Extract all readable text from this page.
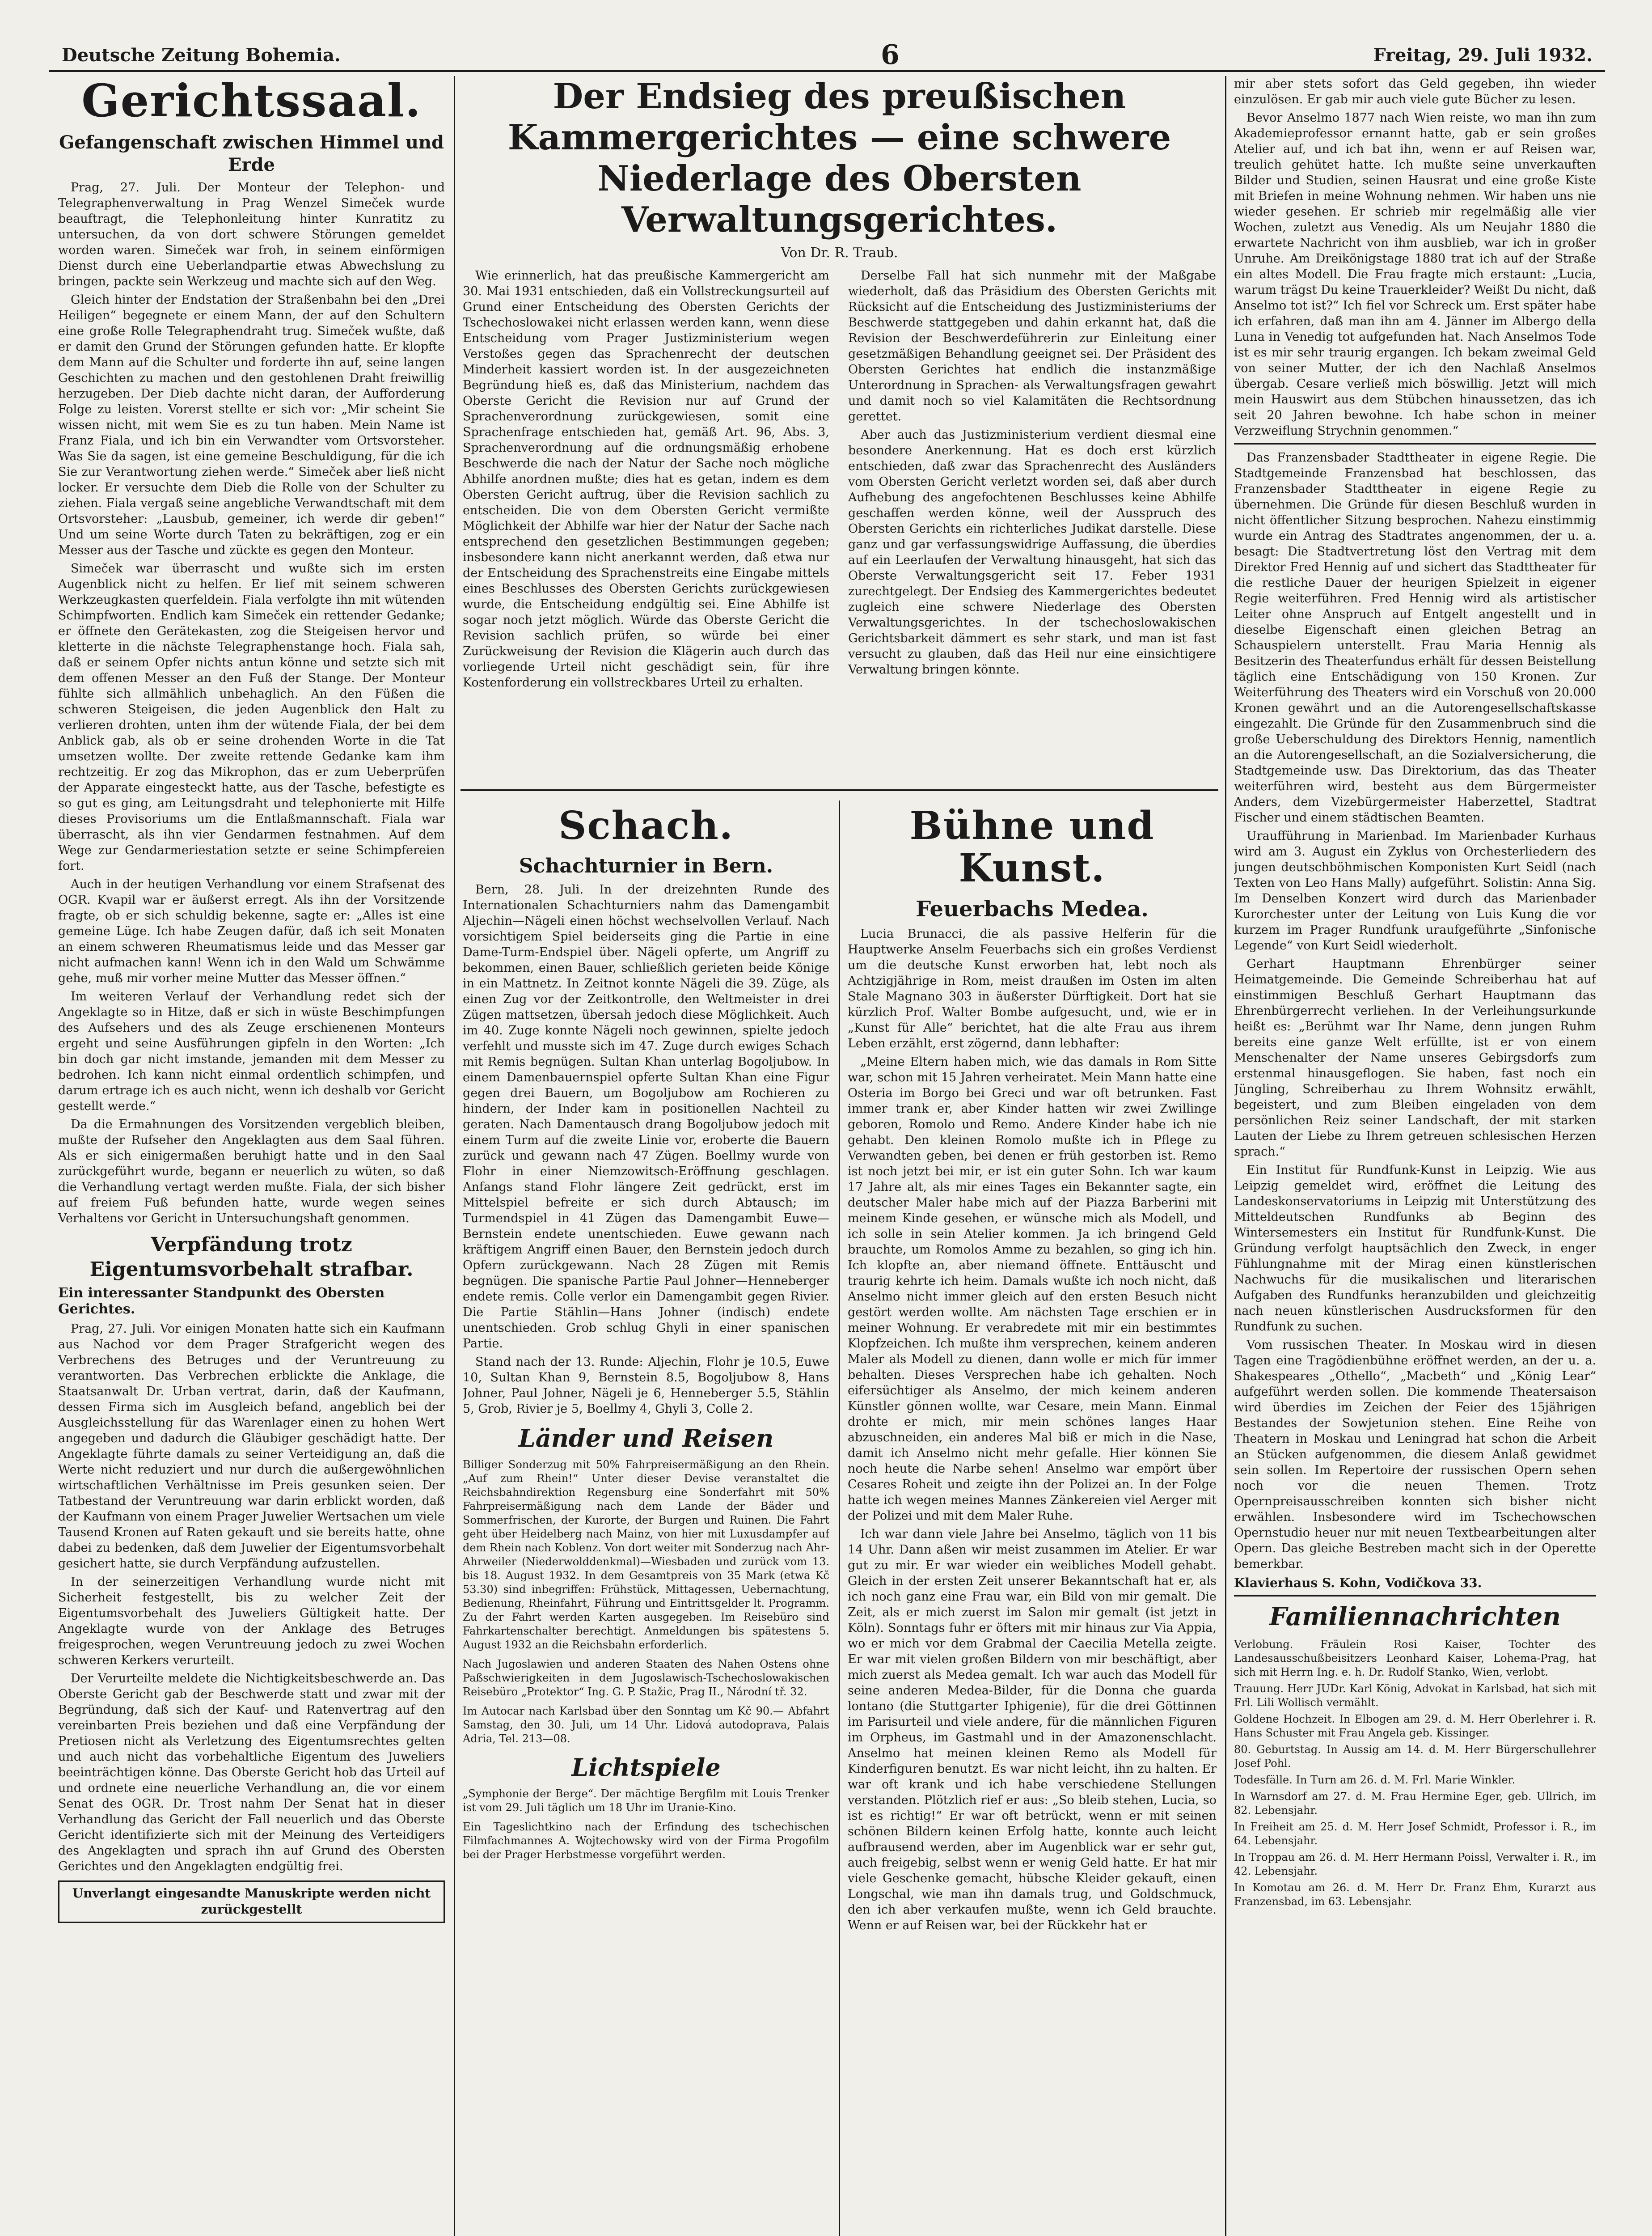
Deutsche Zeitung Bohemia.	6	Freitag, 29. Juli 1932.
Gerichtssaal.
Gefangenschaft zwischen Himmel und Erde

Prag, 27. Juli. Der Monteur der Telephon- und Telegraphenverwaltung in Prag Wenzel Simeček wurde beauftragt, die Telephonleitung hinter Kunratitz zu untersuchen, da von dort schwere Störungen gemeldet worden waren. Simeček war froh, in seinem einförmigen Dienst durch eine Ueberlandpartie etwas Abwechslung zu bringen, packte sein Werkzeug und machte sich auf den Weg.

Gleich hinter der Endstation der Straßenbahn bei den „Drei Heiligen“ begegnete er einem Mann, der auf den Schultern eine große Rolle Telegraphendraht trug. Simeček wußte, daß er damit den Grund der Störungen gefunden hatte. Er klopfte dem Mann auf die Schulter und forderte ihn auf, seine langen Geschichten zu machen und den gestohlenen Draht freiwillig herzugeben. Der Dieb dachte nicht daran, der Aufforderung Folge zu leisten. Vorerst stellte er sich vor: „Mir scheint Sie wissen nicht, mit wem Sie es zu tun haben. Mein Name ist Franz Fiala, und ich bin ein Verwandter vom Ortsvorsteher. Was Sie da sagen, ist eine gemeine Beschuldigung, für die ich Sie zur Verantwortung ziehen werde.“ Simeček aber ließ nicht locker. Er versuchte dem Dieb die Rolle von der Schulter zu ziehen. Fiala vergaß seine angebliche Verwandtschaft mit dem Ortsvorsteher: „Lausbub, gemeiner, ich werde dir geben!“ Und um seine Worte durch Taten zu bekräftigen, zog er ein Messer aus der Tasche und zückte es gegen den Monteur.

Simeček war überrascht und wußte sich im ersten Augenblick nicht zu helfen. Er lief mit seinem schweren Werkzeugkasten querfeldein. Fiala verfolgte ihn mit wütenden Schimpfworten. Endlich kam Simeček ein rettender Gedanke; er öffnete den Gerätekasten, zog die Steigeisen hervor und kletterte in die nächste Telegraphenstange hoch. Fiala sah, daß er seinem Opfer nichts antun könne und setzte sich mit dem offenen Messer an den Fuß der Stange. Der Monteur fühlte sich allmählich unbehaglich. An den Füßen die schweren Steigeisen, die jeden Augenblick den Halt zu verlieren drohten, unten ihm der wütende Fiala, der bei dem Anblick gab, als ob er seine drohenden Worte in die Tat umsetzen wollte. Der zweite rettende Gedanke kam ihm rechtzeitig. Er zog das Mikrophon, das er zum Ueberprüfen der Apparate eingesteckt hatte, aus der Tasche, befestigte es so gut es ging, am Leitungsdraht und telephonierte mit Hilfe dieses Provisoriums um die Entlaßmannschaft. Fiala war überrascht, als ihn vier Gendarmen festnahmen. Auf dem Wege zur Gendarmeriestation setzte er seine Schimpfereien fort.

Auch in der heutigen Verhandlung vor einem Strafsenat des OGR. Kvapil war er äußerst erregt. Als ihn der Vorsitzende fragte, ob er sich schuldig bekenne, sagte er: „Alles ist eine gemeine Lüge. Ich habe Zeugen dafür, daß ich seit Monaten an einem schweren Rheumatismus leide und das Messer gar nicht aufmachen kann! Wenn ich in den Wald um Schwämme gehe, muß mir vorher meine Mutter das Messer öffnen.“

Im weiteren Verlauf der Verhandlung redet sich der Angeklagte so in Hitze, daß er sich in wüste Beschimpfungen des Aufsehers und des als Zeuge erschienenen Monteurs ergeht und seine Ausführungen gipfeln in den Worten: „Ich bin doch gar nicht imstande, jemanden mit dem Messer zu bedrohen. Ich kann nicht einmal ordentlich schimpfen, und darum ertrage ich es auch nicht, wenn ich deshalb vor Gericht gestellt werde.“

Da die Ermahnungen des Vorsitzenden vergeblich bleiben, mußte der Rufseher den Angeklagten aus dem Saal führen. Als er sich einigermaßen beruhigt hatte und in den Saal zurückgeführt wurde, begann er neuerlich zu wüten, so daß die Verhandlung vertagt werden mußte. Fiala, der sich bisher auf freiem Fuß befunden hatte, wurde wegen seines Verhaltens vor Gericht in Untersuchungshaft genommen.

Verpfändung trotz Eigentumsvorbehalt strafbar.
Ein interessanter Standpunkt des Obersten Gerichtes.

Prag, 27. Juli. Vor einigen Monaten hatte sich ein Kaufmann aus Nachod vor dem Prager Strafgericht wegen des Verbrechens des Betruges und der Veruntreuung zu verantworten. Das Verbrechen erblickte die Anklage, die Staatsanwalt Dr. Urban vertrat, darin, daß der Kaufmann, dessen Firma sich im Ausgleich befand, angeblich bei der Ausgleichsstellung für das Warenlager einen zu hohen Wert angegeben und dadurch die Gläubiger geschädigt hatte. Der Angeklagte führte damals zu seiner Verteidigung an, daß die Werte nicht reduziert und nur durch die außergewöhnlichen wirtschaftlichen Verhältnisse im Preis gesunken seien. Der Tatbestand der Veruntreuung war darin erblickt worden, daß der Kaufmann von einem Prager Juwelier Wertsachen um viele Tausend Kronen auf Raten gekauft und sie bereits hatte, ohne dabei zu bedenken, daß dem Juwelier der Eigentumsvorbehalt gesichert hatte, sie durch Verpfändung aufzustellen.

In der seinerzeitigen Verhandlung wurde nicht mit Sicherheit festgestellt, bis zu welcher Zeit der Eigentumsvorbehalt des Juweliers Gültigkeit hatte. Der Angeklagte wurde von der Anklage des Betruges freigesprochen, wegen Veruntreuung jedoch zu zwei Wochen schweren Kerkers verurteilt.

Der Verurteilte meldete die Nichtigkeitsbeschwerde an. Das Oberste Gericht gab der Beschwerde statt und zwar mit der Begründung, daß sich der Kauf- und Ratenvertrag auf den vereinbarten Preis beziehen und daß eine Verpfändung der Pretiosen nicht als Verletzung des Eigentumsrechtes gelten und auch nicht das vorbehaltliche Eigentum des Juweliers beeinträchtigen könne. Das Oberste Gericht hob das Urteil auf und ordnete eine neuerliche Verhandlung an, die vor einem Senat des OGR. Dr. Trost nahm Der Senat hat in dieser Verhandlung das Gericht der Fall neuerlich und das Oberste Gericht identifizierte sich mit der Meinung des Verteidigers des Angeklagten und sprach ihn auf Grund des Obersten Gerichtes und den Angeklagten endgültig frei.

Unverlangt eingesandte Manuskripte werden nicht zurückgestellt
Der Endsieg des preußischen Kammergerichtes — eine schwere Niederlage des Obersten Verwaltungsgerichtes.
Von Dr. R. Traub.

Wie erinnerlich, hat das preußische Kammergericht am 30. Mai 1931 entschieden, daß ein Vollstreckungsurteil auf Grund einer Entscheidung des Obersten Gerichts der Tschechoslowakei nicht erlassen werden kann, wenn diese Entscheidung vom Prager Justizministerium wegen Verstoßes gegen das Sprachenrecht der deutschen Minderheit kassiert worden ist. In der ausgezeichneten Begründung hieß es, daß das Ministerium, nachdem das Oberste Gericht die Revision nur auf Grund der Sprachenverordnung zurückgewiesen, somit eine Sprachenfrage entschieden hat, gemäß Art. 96, Abs. 3, Sprachenverordnung auf die ordnungsmäßig erhobene Beschwerde die nach der Natur der Sache noch mögliche Abhilfe anordnen mußte; dies hat es getan, indem es dem Obersten Gericht auftrug, über die Revision sachlich zu entscheiden. Die von dem Obersten Gericht vermißte Möglichkeit der Abhilfe war hier der Natur der Sache nach entsprechend den gesetzlichen Bestimmungen gegeben; insbesondere kann nicht anerkannt werden, daß etwa nur der Entscheidung des Sprachenstreits eine Eingabe mittels eines Beschlusses des Obersten Gerichts zurückgewiesen wurde, die Entscheidung endgültig sei. Eine Abhilfe ist sogar noch jetzt möglich. Würde das Oberste Gericht die Revision sachlich prüfen, so würde bei einer Zurückweisung der Revision die Klägerin auch durch das vorliegende Urteil nicht geschädigt sein, für ihre Kostenforderung ein vollstreckbares Urteil zu erhalten.

Derselbe Fall hat sich nunmehr mit der Maßgabe wiederholt, daß das Präsidium des Obersten Gerichts mit Rücksicht auf die Entscheidung des Justizministeriums der Beschwerde stattgegeben und dahin erkannt hat, daß die Revision der Beschwerdeführerin zur Einleitung einer gesetzmäßigen Behandlung geeignet sei. Der Präsident des Obersten Gerichtes hat endlich die instanzmäßige Unterordnung in Sprachen- als Verwaltungsfragen gewahrt und damit noch so viel Kalamitäten die Rechtsordnung gerettet.

Aber auch das Justizministerium verdient diesmal eine besondere Anerkennung. Hat es doch erst kürzlich entschieden, daß zwar das Sprachenrecht des Ausländers vom Obersten Gericht verletzt worden sei, daß aber durch Aufhebung des angefochtenen Beschlusses keine Abhilfe geschaffen werden könne, weil der Ausspruch des Obersten Gerichts ein richterliches Judikat darstelle. Diese ganz und gar verfassungswidrige Auffassung, die überdies auf ein Leerlaufen der Verwaltung hinausgeht, hat sich das Oberste Verwaltungsgericht seit 17. Feber 1931 zurechtgelegt. Der Endsieg des Kammergerichtes bedeutet zugleich eine schwere Niederlage des Obersten Verwaltungsgerichtes. In der tschechoslowakischen Gerichtsbarkeit dämmert es sehr stark, und man ist fast versucht zu glauben, daß das Heil nur eine einsichtigere Verwaltung bringen könnte.

Schach.
Schachturnier in Bern.

Bern, 28. Juli. In der dreizehnten Runde des Internationalen Schachturniers nahm das Damengambit Aljechin—Nägeli einen höchst wechselvollen Verlauf. Nach vorsichtigem Spiel beiderseits ging die Partie in eine Dame-Turm-Endspiel über. Nägeli opferte, um Angriff zu bekommen, einen Bauer, schließlich gerieten beide Könige in ein Mattnetz. In Zeitnot konnte Nägeli die 39. Züge, als einen Zug vor der Zeitkontrolle, den Weltmeister in drei Zügen mattsetzen, übersah jedoch diese Möglichkeit. Auch im 40. Zuge konnte Nägeli noch gewinnen, spielte jedoch verfehlt und musste sich im 47. Zuge durch ewiges Schach mit Remis begnügen. Sultan Khan unterlag Bogoljubow. In einem Damenbauernspiel opferte Sultan Khan eine Figur gegen drei Bauern, um Bogoljubow am Rochieren zu hindern, der Inder kam in positionellen Nachteil zu geraten. Nach Damentausch drang Bogoljubow jedoch mit einem Turm auf die zweite Linie vor, eroberte die Bauern zurück und gewann nach 47 Zügen. Boellmy wurde von Flohr in einer Niemzowitsch-Eröffnung geschlagen. Anfangs stand Flohr längere Zeit gedrückt, erst im Mittelspiel befreite er sich durch Abtausch; im Turmendspiel in 41 Zügen das Damengambit Euwe—Bernstein endete unentschieden. Euwe gewann nach kräftigem Angriff einen Bauer, den Bernstein jedoch durch Opfern zurückgewann. Nach 28 Zügen mit Remis begnügen. Die spanische Partie Paul Johner—Henneberger endete remis. Colle verlor ein Damengambit gegen Rivier. Die Partie Stählin—Hans Johner (indisch) endete unentschieden. Grob schlug Ghyli in einer spanischen Partie.

Stand nach der 13. Runde: Aljechin, Flohr je 10.5, Euwe 10, Sultan Khan 9, Bernstein 8.5, Bogoljubow 8, Hans Johner, Paul Johner, Nägeli je 6, Henneberger 5.5, Stählin 5, Grob, Rivier je 5, Boellmy 4, Ghyli 3, Colle 2.

Länder und Reisen
Billiger Sonderzug mit 50% Fahrpreisermäßigung an den Rhein. „Auf zum Rhein!“ Unter dieser Devise veranstaltet die Reichsbahndirektion Regensburg eine Sonderfahrt mit 50% Fahrpreisermäßigung nach dem Lande der Bäder und Sommerfrischen, der Kurorte, der Burgen und Ruinen. Die Fahrt geht über Heidelberg nach Mainz, von hier mit Luxusdampfer auf dem Rhein nach Koblenz. Von dort weiter mit Sonderzug nach Ahr-Ahrweiler (Niederwolddenkmal)—Wiesbaden und zurück vom 13. bis 18. August 1932. In dem Gesamtpreis von 35 Mark (etwa Kč 53.30) sind inbegriffen: Frühstück, Mittagessen, Uebernachtung, Bedienung, Rheinfahrt, Führung und Eintrittsgelder lt. Programm. Zu der Fahrt werden Karten ausgegeben. Im Reisebüro sind Fahrkartenschalter berechtigt. Anmeldungen bis spätestens 5. August 1932 an die Reichsbahn erforderlich.
Nach Jugoslawien und anderen Staaten des Nahen Ostens ohne Paßschwierigkeiten in dem Jugoslawisch-Tschechoslowakischen Reisebüro „Protektor“ Ing. G. P. Stažic, Prag II., Národní tř. 32.
Im Autocar nach Karlsbad über den Sonntag um Kč 90.— Abfahrt Samstag, den 30. Juli, um 14 Uhr. Lidová autodoprava, Palais Adria, Tel. 213—08.
Lichtspiele
„Symphonie der Berge“. Der mächtige Bergfilm mit Louis Trenker ist vom 29. Juli täglich um 18 Uhr im Uranie-Kino.
Ein Tageslichtkino nach der Erfindung des tschechischen Filmfachmannes A. Wojtechowsky wird von der Firma Progofilm bei der Prager Herbstmesse vorgeführt werden.
Bühne und Kunst.
Feuerbachs Medea.

Lucia Brunacci, die als passive Helferin für die Hauptwerke Anselm Feuerbachs sich ein großes Verdienst um die deutsche Kunst erworben hat, lebt noch als Achtzigjährige in Rom, meist draußen im Osten im alten Stale Magnano 303 in äußerster Dürftigkeit. Dort hat sie kürzlich Prof. Walter Bombe aufgesucht, und, wie er in „Kunst für Alle“ berichtet, hat die alte Frau aus ihrem Leben erzählt, erst zögernd, dann lebhafter:

„Meine Eltern haben mich, wie das damals in Rom Sitte war, schon mit 15 Jahren verheiratet. Mein Mann hatte eine Osteria im Borgo bei Greci und war oft betrunken. Fast immer trank er, aber Kinder hatten wir zwei Zwillinge geboren, Romolo und Remo. Andere Kinder habe ich nie gehabt. Den kleinen Romolo mußte ich in Pflege zu Verwandten geben, bei denen er früh gestorben ist. Remo ist noch jetzt bei mir, er ist ein guter Sohn. Ich war kaum 17 Jahre alt, als mir eines Tages ein Bekannter sagte, ein deutscher Maler habe mich auf der Piazza Barberini mit meinem Kinde gesehen, er wünsche mich als Modell, und ich solle in sein Atelier kommen. Ja ich bringend Geld brauchte, um Romolos Amme zu bezahlen, so ging ich hin. Ich klopfte an, aber niemand öffnete. Enttäuscht und traurig kehrte ich heim. Damals wußte ich noch nicht, daß Anselmo nicht immer gleich auf den ersten Besuch nicht gestört werden wollte. Am nächsten Tage erschien er in meiner Wohnung. Er verabredete mit mir ein bestimmtes Klopfzeichen. Ich mußte ihm versprechen, keinem anderen Maler als Modell zu dienen, dann wolle er mich für immer behalten. Dieses Versprechen habe ich gehalten. Noch eifersüchtiger als Anselmo, der mich keinem anderen Künstler gönnen wollte, war Cesare, mein Mann. Einmal drohte er mich, mir mein schönes langes Haar abzuschneiden, ein anderes Mal biß er mich in die Nase, damit ich Anselmo nicht mehr gefalle. Hier können Sie noch heute die Narbe sehen! Anselmo war empört über Cesares Roheit und zeigte ihn der Polizei an. In der Folge hatte ich wegen meines Mannes Zänkereien viel Aerger mit der Polizei und mit dem Maler Ruhe.

Ich war dann viele Jahre bei Anselmo, täglich von 11 bis 14 Uhr. Dann aßen wir meist zusammen im Atelier. Er war gut zu mir. Er war wieder ein weibliches Modell gehabt. Gleich in der ersten Zeit unserer Bekanntschaft hat er, als ich noch ganz eine Frau war, ein Bild von mir gemalt. Die Zeit, als er mich zuerst im Salon mir gemalt (ist jetzt in Köln). Sonntags fuhr er öfters mit mir hinaus zur Via Appia, wo er mich vor dem Grabmal der Caecilia Metella zeigte. Er war mit vielen großen Bildern von mir beschäftigt, aber mich zuerst als Medea gemalt. Ich war auch das Modell für seine anderen Medea-Bilder, für die Donna che guarda lontano (die Stuttgarter Iphigenie), für die drei Göttinnen im Parisurteil und viele andere, für die männlichen Figuren im Orpheus, im Gastmahl und in der Amazonenschlacht. Anselmo hat meinen kleinen Remo als Modell für Kinderfiguren benutzt. Es war nicht leicht, ihn zu halten. Er war oft krank und ich habe verschiedene Stellungen verstanden. Plötzlich rief er aus: „So bleib stehen, Lucia, so ist es richtig!“ Er war oft betrückt, wenn er mit seinen schönen Bildern keinen Erfolg hatte, konnte auch leicht aufbrausend werden, aber im Augenblick war er sehr gut, auch freigebig, selbst wenn er wenig Geld hatte. Er hat mir viele Geschenke gemacht, hübsche Kleider gekauft, einen Longschal, wie man ihn damals trug, und Goldschmuck, den ich aber verkaufen mußte, wenn ich Geld brauchte. Wenn er auf Reisen war, bei der Rückkehr hat er

mir aber stets sofort das Geld gegeben, ihn wieder einzulösen. Er gab mir auch viele gute Bücher zu lesen.

Bevor Anselmo 1877 nach Wien reiste, wo man ihn zum Akademieprofessor ernannt hatte, gab er sein großes Atelier auf, und ich bat ihn, wenn er auf Reisen war, treulich gehütet hatte. Ich mußte seine unverkauften Bilder und Studien, seinen Hausrat und eine große Kiste mit Briefen in meine Wohnung nehmen. Wir haben uns nie wieder gesehen. Er schrieb mir regelmäßig alle vier Wochen, zuletzt aus Venedig. Als um Neujahr 1880 die erwartete Nachricht von ihm ausblieb, war ich in großer Unruhe. Am Dreikönigstage 1880 trat ich auf der Straße ein altes Modell. Die Frau fragte mich erstaunt: „Lucia, warum trägst Du keine Trauerkleider? Weißt Du nicht, daß Anselmo tot ist?“ Ich fiel vor Schreck um. Erst später habe ich erfahren, daß man ihn am 4. Jänner im Albergo della Luna in Venedig tot aufgefunden hat. Nach Anselmos Tode ist es mir sehr traurig ergangen. Ich bekam zweimal Geld von seiner Mutter, der ich den Nachlaß Anselmos übergab. Cesare verließ mich böswillig. Jetzt will mich mein Hauswirt aus dem Stübchen hinaussetzen, das ich seit 20 Jahren bewohne. Ich habe schon in meiner Verzweiflung Strychnin genommen.“

Das Franzensbader Stadttheater in eigene Regie. Die Stadtgemeinde Franzensbad hat beschlossen, das Franzensbader Stadttheater in eigene Regie zu übernehmen. Die Gründe für diesen Beschluß wurden in nicht öffentlicher Sitzung besprochen. Nahezu einstimmig wurde ein Antrag des Stadtrates angenommen, der u. a. besagt: Die Stadtvertretung löst den Vertrag mit dem Direktor Fred Hennig auf und sichert das Stadttheater für die restliche Dauer der heurigen Spielzeit in eigener Regie weiterführen. Fred Hennig wird als artistischer Leiter ohne Anspruch auf Entgelt angestellt und in dieselbe Eigenschaft einen gleichen Betrag an Schauspielern unterstellt. Frau Maria Hennig als Besitzerin des Theaterfundus erhält für dessen Beistellung täglich eine Entschädigung von 150 Kronen. Zur Weiterführung des Theaters wird ein Vorschuß von 20.000 Kronen gewährt und an die Autorengesellschaftskasse eingezahlt. Die Gründe für den Zusammenbruch sind die große Ueberschuldung des Direktors Hennig, namentlich an die Autorengesellschaft, an die Sozialversicherung, die Stadtgemeinde usw. Das Direktorium, das das Theater weiterführen wird, besteht aus dem Bürgermeister Anders, dem Vizebürgermeister Haberzettel, Stadtrat Fischer und einem städtischen Beamten.

Uraufführung in Marienbad. Im Marienbader Kurhaus wird am 3. August ein Zyklus von Orchesterliedern des jungen deutschböhmischen Komponisten Kurt Seidl (nach Texten von Leo Hans Mally) aufgeführt. Solistin: Anna Sig. Im Denselben Konzert wird durch das Marienbader Kurorchester unter der Leitung von Luis Kung die vor kurzem im Prager Rundfunk uraufgeführte „Sinfonische Legende“ von Kurt Seidl wiederholt.

Gerhart Hauptmann Ehrenbürger seiner Heimatgemeinde. Die Gemeinde Schreiberhau hat auf einstimmigen Beschluß Gerhart Hauptmann das Ehrenbürgerrecht verliehen. In der Verleihungsurkunde heißt es: „Berühmt war Ihr Name, denn jungen Ruhm bereits eine ganze Welt erfüllte, ist er von einem Menschenalter der Name unseres Gebirgsdorfs zum erstenmal hinausgeflogen. Sie haben, fast noch ein Jüngling, Schreiberhau zu Ihrem Wohnsitz erwählt, begeistert, und zum Bleiben eingeladen von dem persönlichen Reiz seiner Landschaft, der mit starken Lauten der Liebe zu Ihrem getreuen schlesischen Herzen sprach.“

Ein Institut für Rundfunk-Kunst in Leipzig. Wie aus Leipzig gemeldet wird, eröffnet die Leitung des Landeskonservatoriums in Leipzig mit Unterstützung des Mitteldeutschen Rundfunks ab Beginn des Wintersemesters ein Institut für Rundfunk-Kunst. Die Gründung verfolgt hauptsächlich den Zweck, in enger Fühlungnahme mit der Mirag einen künstlerischen Nachwuchs für die musikalischen und literarischen Aufgaben des Rundfunks heranzubilden und gleichzeitig nach neuen künstlerischen Ausdrucksformen für den Rundfunk zu suchen.

Vom russischen Theater. In Moskau wird in diesen Tagen eine Tragödienbühne eröffnet werden, an der u. a. Shakespeares „Othello“, „Macbeth“ und „König Lear“ aufgeführt werden sollen. Die kommende Theatersaison wird überdies im Zeichen der Feier des 15jährigen Bestandes der Sowjetunion stehen. Eine Reihe von Theatern in Moskau und Leningrad hat schon die Arbeit an Stücken aufgenommen, die diesem Anlaß gewidmet sein sollen. Im Repertoire der russischen Opern sehen noch vor die neuen Themen. Trotz Opernpreisausschreiben konnten sich bisher nicht erwählen. Insbesondere wird im Tschechowschen Opernstudio heuer nur mit neuen Textbearbeitungen alter Opern. Das gleiche Bestreben macht sich in der Operette bemerkbar.

Klavierhaus S. Kohn, Vodičkova 33.
Familiennachrichten

Verlobung. Fräulein Rosi Kaiser, Tochter des Landesausschußbeisitzers Leonhard Kaiser, Lohema-Prag, hat sich mit Herrn Ing. e. h. Dr. Rudolf Stanko, Wien, verlobt.

Trauung. Herr JUDr. Karl König, Advokat in Karlsbad, hat sich mit Frl. Lili Wollisch vermählt.

Goldene Hochzeit. In Elbogen am 29. d. M. Herr Oberlehrer i. R. Hans Schuster mit Frau Angela geb. Kissinger.

80. Geburtstag. In Aussig am 14. d. M. Herr Bürgerschullehrer Josef Pohl.

Todesfälle. In Turn am 26. d. M. Frl. Marie Winkler.

In Warnsdorf am 27. d. M. Frau Hermine Eger, geb. Ullrich, im 82. Lebensjahr.

In Freiheit am 25. d. M. Herr Josef Schmidt, Professor i. R., im 64. Lebensjahr.

In Troppau am 26. d. M. Herr Hermann Poissl, Verwalter i. R., im 42. Lebensjahr.

In Komotau am 26. d. M. Herr Dr. Franz Ehm, Kurarzt aus Franzensbad, im 63. Lebensjahr.
